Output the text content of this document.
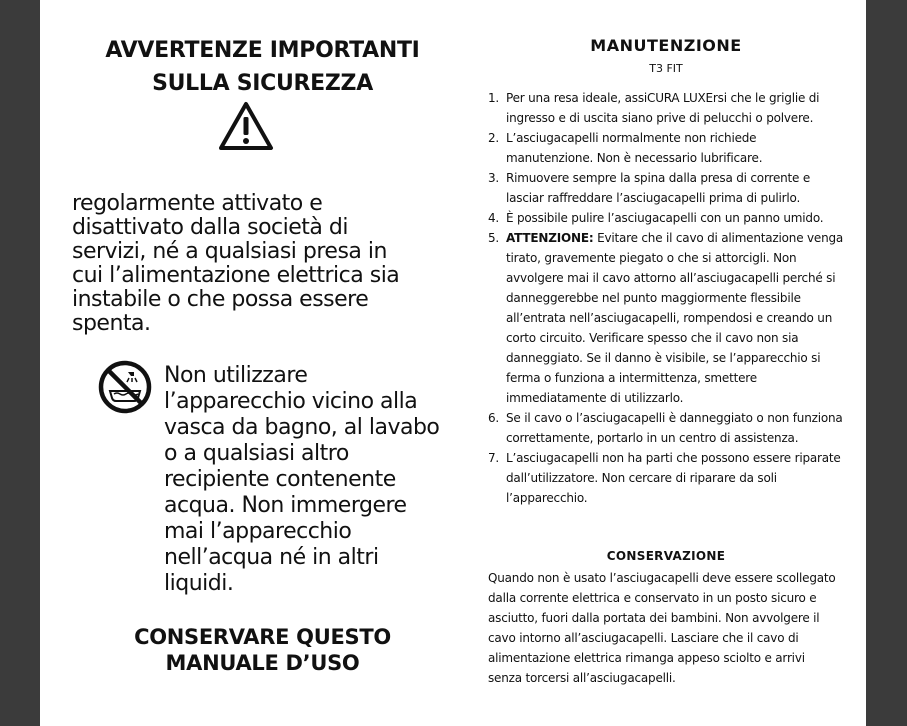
AVVERTENZE IMPORTANTI
SULLA SICUREZZA
regolarmente attivato e disattivato dalla società di servizi, né a qualsiasi presa in cui l’alimentazione elettrica sia instabile o che possa essere spenta.
Non utilizzare l’apparecchio vicino alla vasca da bagno, al lavabo o a qualsiasi altro recipiente contenente acqua. Non immergere mai l’apparecchio nell’acqua né in altri liquidi.
CONSERVARE QUESTO
MANUALE D’USO
MANUTENZIONE
T3 FIT
1. Per una resa ideale, assiCURA LUXErsi che le griglie di ingresso e di uscita siano prive di pelucchi o polvere.
2. L’asciugacapelli normalmente non richiede manutenzione. Non è necessario lubrificare.
3. Rimuovere sempre la spina dalla presa di corrente e lasciar raffreddare l’asciugacapelli prima di pulirlo.
4. È possibile pulire l’asciugacapelli con un panno umido.
5. ATTENZIONE: Evitare che il cavo di alimentazione venga tirato, gravemente piegato o che si attorcigli. Non avvolgere mai il cavo attorno all’asciugacapelli perché si danneggerebbe nel punto maggiormente flessibile all’entrata nell’asciugacapelli, rompendosi e creando un corto circuito. Verificare spesso che il cavo non sia danneggiato. Se il danno è visibile, se l’apparecchio si ferma o funziona a intermittenza, smettere immediatamente di utilizzarlo.
6. Se il cavo o l’asciugacapelli è danneggiato o non funziona correttamente, portarlo in un centro di assistenza.
7. L’asciugacapelli non ha parti che possono essere riparate dall’utilizzatore. Non cercare di riparare da soli l’apparecchio.
CONSERVAZIONE
Quando non è usato l’asciugacapelli deve essere scollegato dalla corrente elettrica e conservato in un posto sicuro e asciutto, fuori dalla portata dei bambini. Non avvolgere il cavo intorno all’asciugacapelli. Lasciare che il cavo di alimentazione elettrica rimanga appeso sciolto e arrivi senza torcersi all’asciugacapelli.
